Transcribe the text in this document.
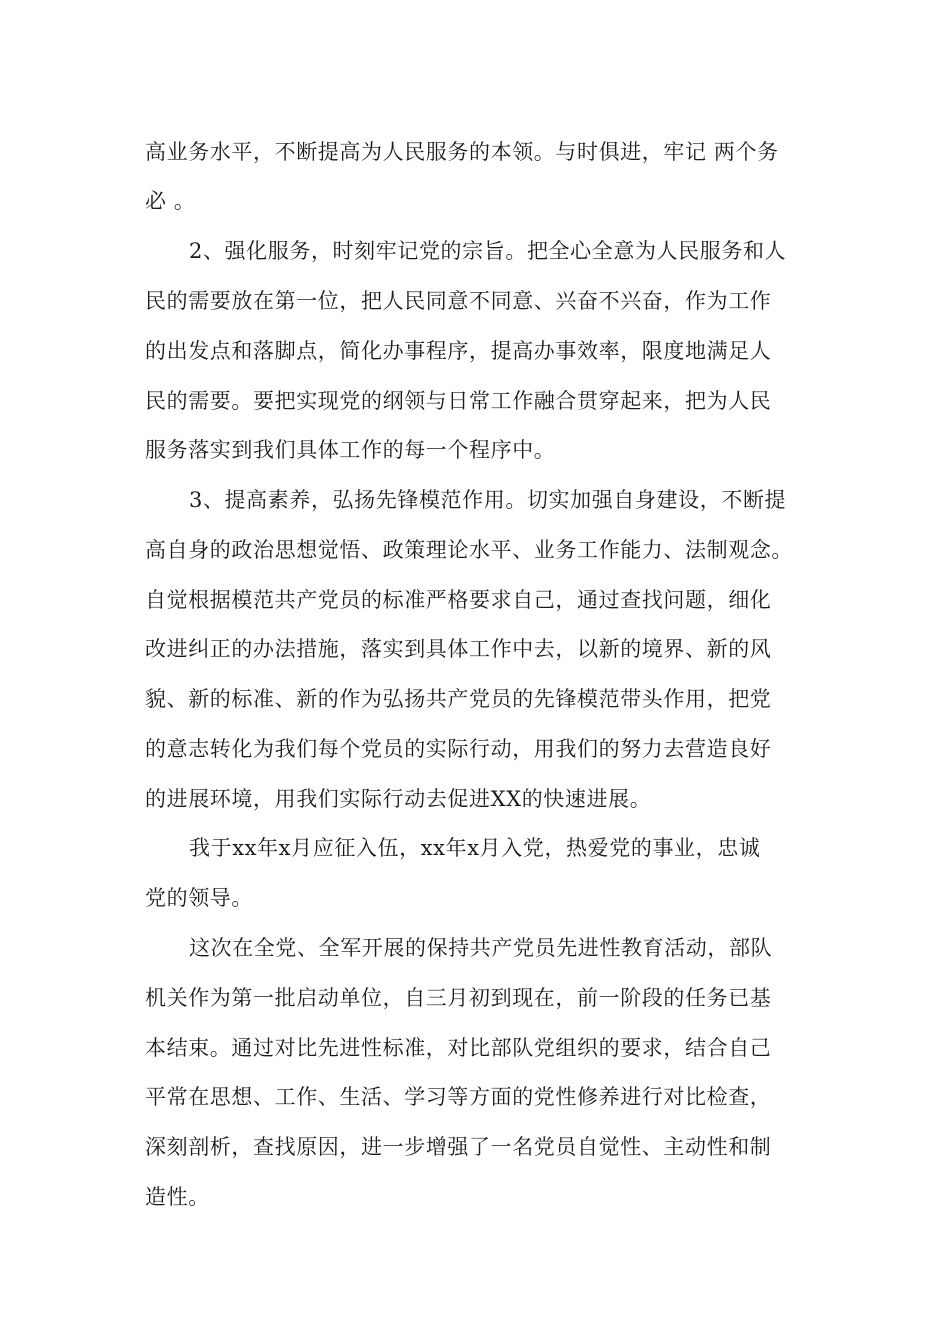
高业务水平，不断提高为人民服务的本领。与时俱进，牢记 两个务
必 。
2、强化服务，时刻牢记党的宗旨。把全心全意为人民服务和人
民的需要放在第一位，把人民同意不同意、兴奋不兴奋，作为工作
的出发点和落脚点，简化办事程序，提高办事效率，限度地满足人
民的需要。要把实现党的纲领与日常工作融合贯穿起来，把为人民
服务落实到我们具体工作的每一个程序中。
3、提高素养，弘扬先锋模范作用。切实加强自身建设，不断提
高自身的政治思想觉悟、政策理论水平、业务工作能力、法制观念。
自觉根据模范共产党员的标准严格要求自己，通过查找问题，细化
改进纠正的办法措施，落实到具体工作中去，以新的境界、新的风
貌、新的标准、新的作为弘扬共产党员的先锋模范带头作用，把党
的意志转化为我们每个党员的实际行动，用我们的努力去营造良好
的进展环境，用我们实际行动去促进XX的快速进展。
我于xx年x月应征入伍，xx年x月入党，热爱党的事业，忠诚
党的领导。
这次在全党、全军开展的保持共产党员先进性教育活动，部队
机关作为第一批启动单位，自三月初到现在，前一阶段的任务已基
本结束。通过对比先进性标准，对比部队党组织的要求，结合自己
平常在思想、工作、生活、学习等方面的党性修养进行对比检查，
深刻剖析，查找原因，进一步增强了一名党员自觉性、主动性和制
造性。
